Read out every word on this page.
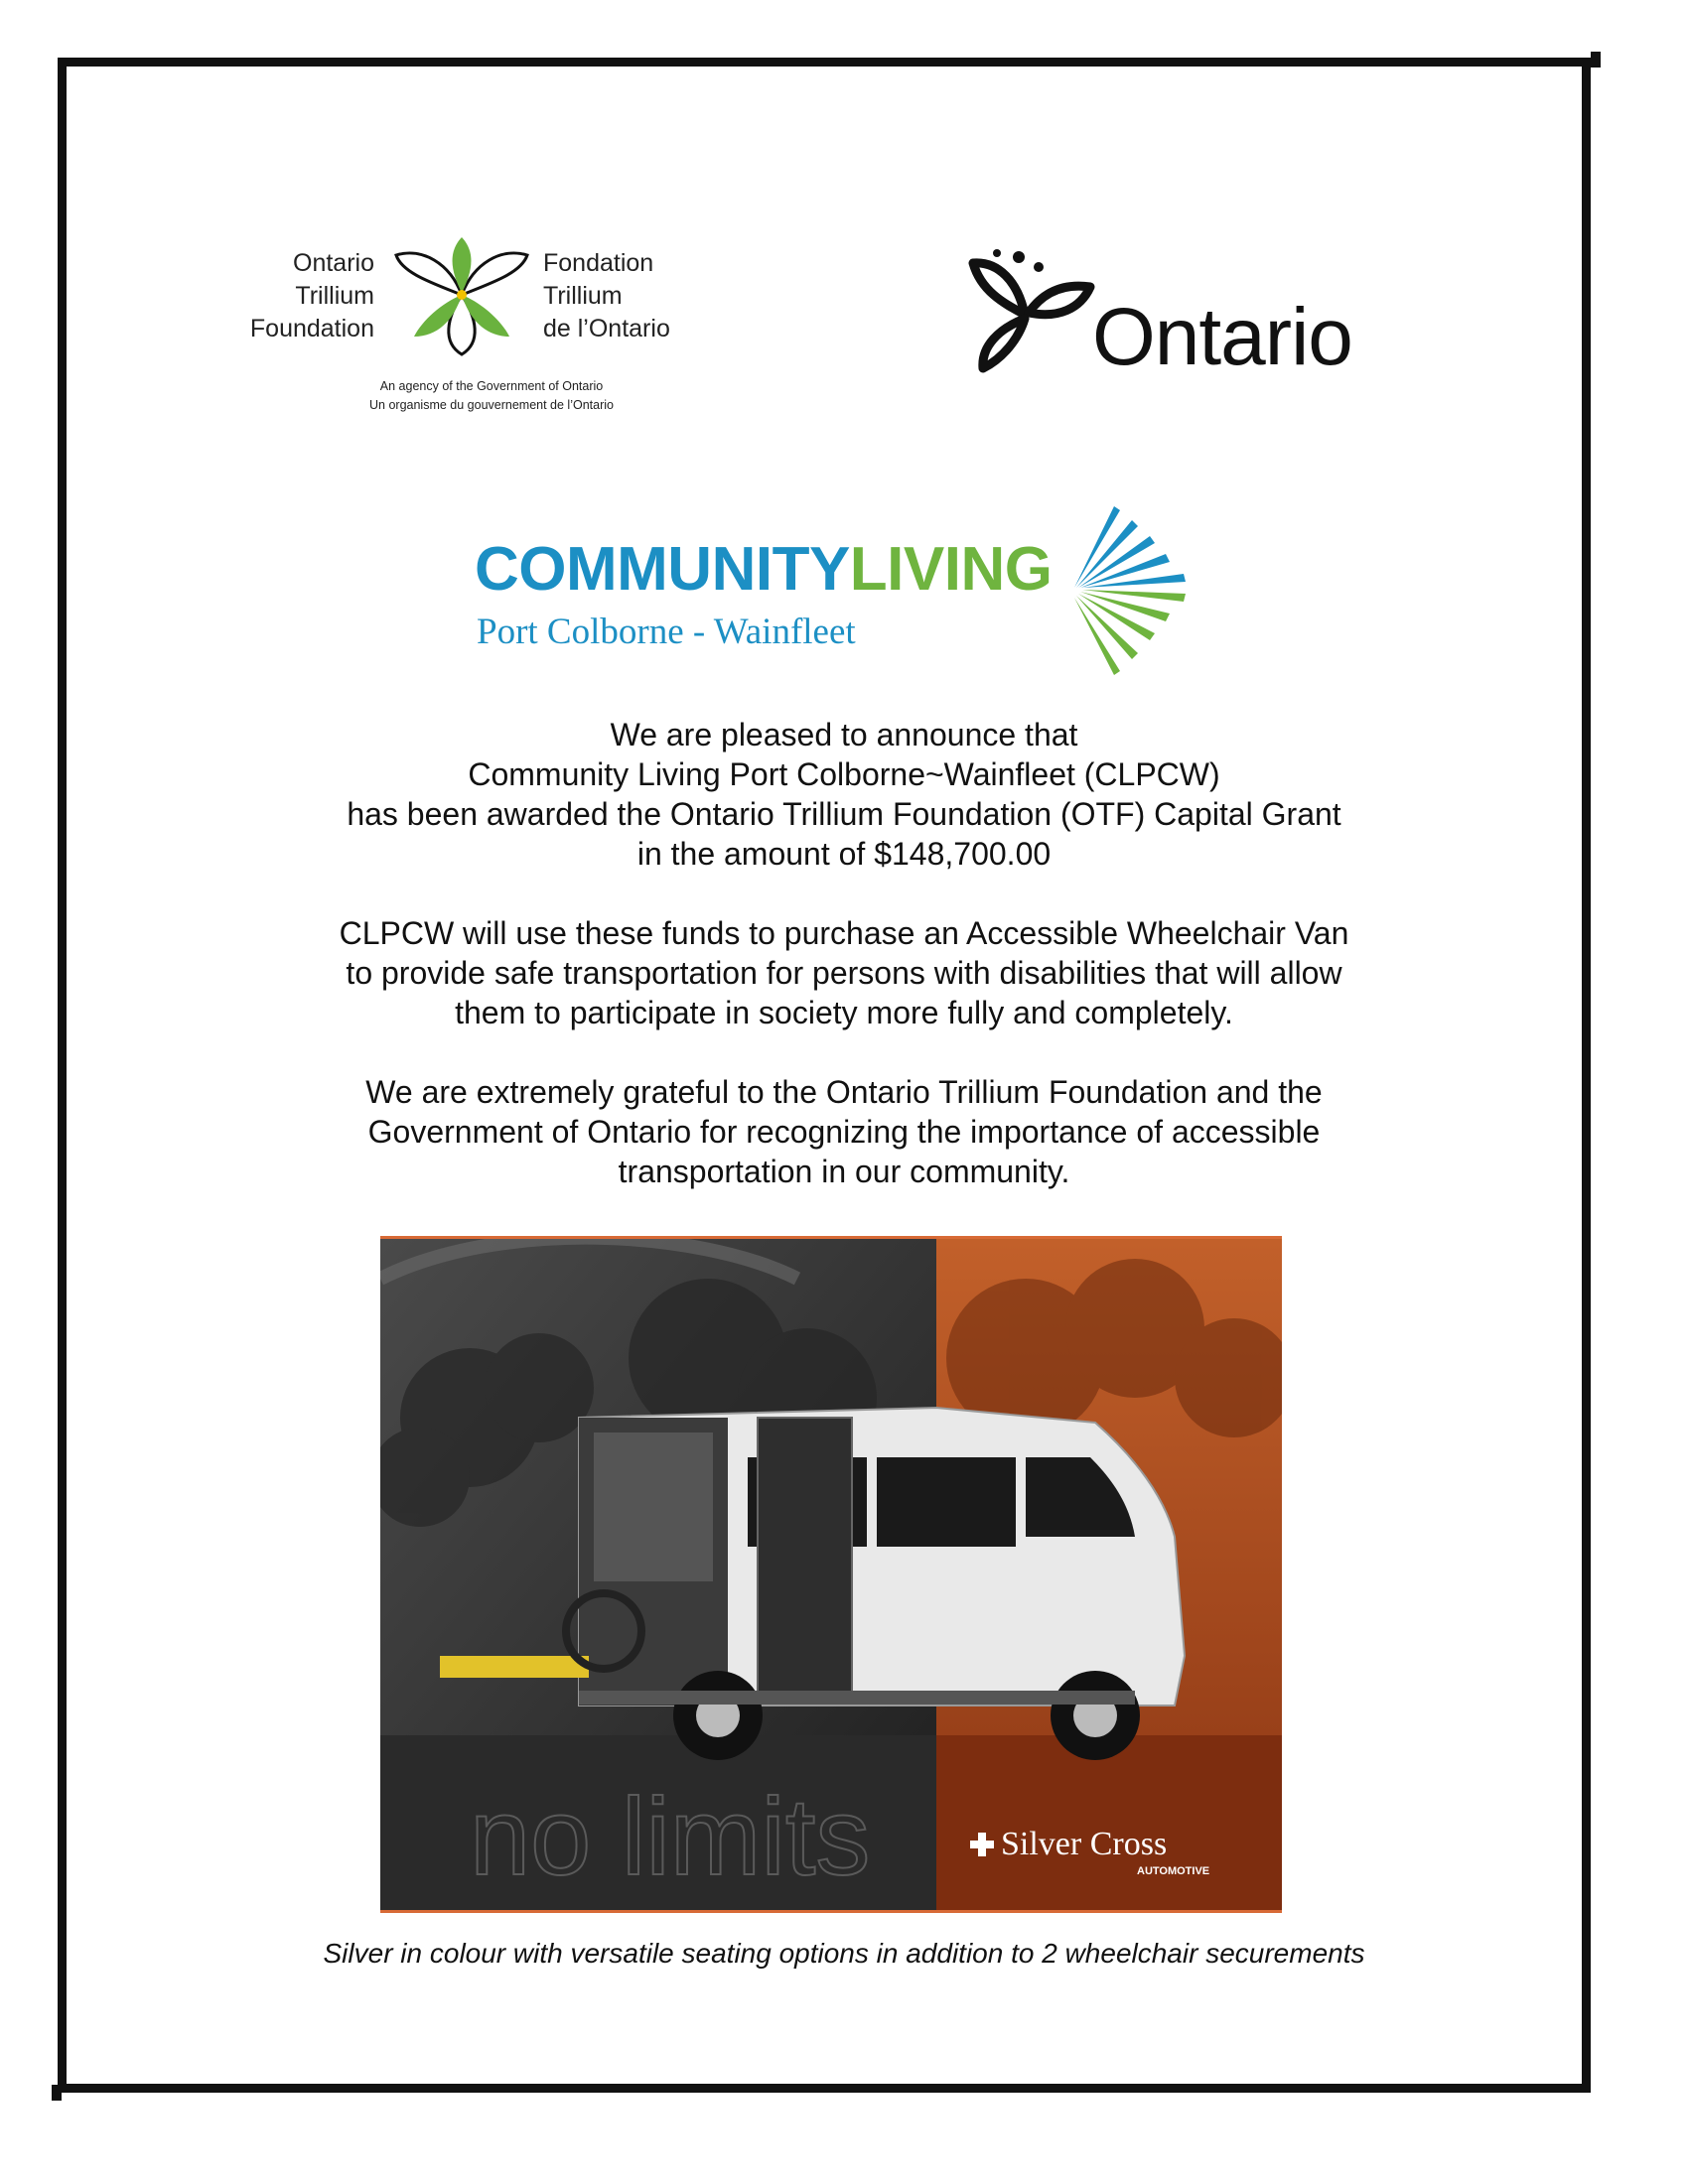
Ontario
Trillium
Foundation
Fondation
Trillium
de l’Ontario
An agency of the Government of Ontario
Un organisme du gouvernement de l’Ontario
Ontario
COMMUNITYLIVING
Port Colborne - Wainfleet

We are pleased to announce that
Community Living Port Colborne~Wainfleet (CLPCW)
has been awarded the Ontario Trillium Foundation (OTF) Capital Grant
in the amount of $148,700.00

CLPCW will use these funds to purchase an Accessible Wheelchair Van
to provide safe transportation for persons with disabilities that will allow
them to participate in society more fully and completely.

We are extremely grateful to the Ontario Trillium Foundation and the
Government of Ontario for recognizing the importance of accessible
transportation in our community.

no limits	Silver Cross
AUTOMOTIVE
Silver in colour with versatile seating options in addition to 2 wheelchair securements
